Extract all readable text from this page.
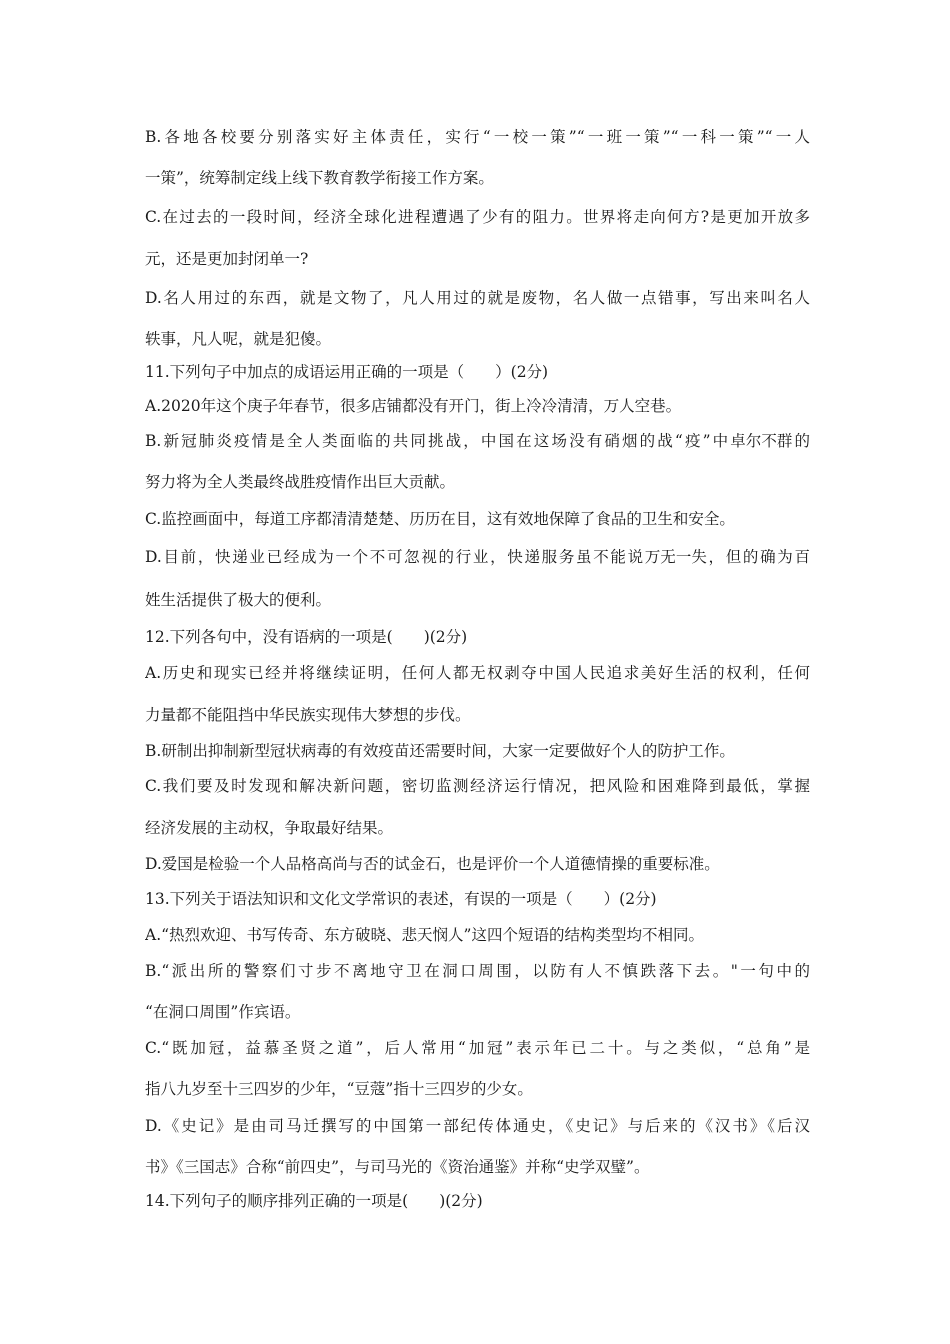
B.各地各校要分别落实好主体责任，实行“一校一策”“一班一策”“一科一策”“一人
一策”，统筹制定线上线下教育教学衔接工作方案。
C.在过去的一段时间，经济全球化进程遭遇了少有的阻力。世界将走向何方?是更加开放多
元，还是更加封闭单一?
D.名人用过的东西，就是文物了，凡人用过的就是废物，名人做一点错事，写出来叫名人
轶事，凡人呢，就是犯傻。
11.下列句子中加点的成语运用正确的一项是（　　）(2分)
A.2020年这个庚子年春节，很多店铺都没有开门，街上冷冷清清，万人空巷。
B.新冠肺炎疫情是全人类面临的共同挑战，中国在这场没有硝烟的战“疫”中卓尔不群的
努力将为全人类最终战胜疫情作出巨大贡献。
C.监控画面中，每道工序都清清楚楚、历历在目，这有效地保障了食品的卫生和安全。
D.目前，快递业已经成为一个不可忽视的行业，快递服务虽不能说万无一失，但的确为百
姓生活提供了极大的便利。
12.下列各句中，没有语病的一项是(　　)(2分)
A.历史和现实已经并将继续证明，任何人都无权剥夺中国人民追求美好生活的权利，任何
力量都不能阻挡中华民族实现伟大梦想的步伐。
B.研制出抑制新型冠状病毒的有效疫苗还需要时间，大家一定要做好个人的防护工作。
C.我们要及时发现和解决新问题，密切监测经济运行情况，把风险和困难降到最低，掌握
经济发展的主动权，争取最好结果。
D.爱国是检验一个人品格高尚与否的试金石，也是评价一个人道德情操的重要标准。
13.下列关于语法知识和文化文学常识的表述，有误的一项是（　　）(2分)
A.“热烈欢迎、书写传奇、东方破晓、悲天悯人”这四个短语的结构类型均不相同。
B.“派出所的警察们寸步不离地守卫在洞口周围，以防有人不慎跌落下去。"一句中的
“在洞口周围”作宾语。
C.“既加冠，益慕圣贤之道”，后人常用“加冠”表示年已二十。与之类似，“总角”是
指八九岁至十三四岁的少年，“豆蔻”指十三四岁的少女。
D.《史记》是由司马迁撰写的中国第一部纪传体通史，《史记》与后来的《汉书》《后汉
书》《三国志》合称“前四史”，与司马光的《资治通鉴》并称“史学双璧”。
14.下列句子的顺序排列正确的一项是(　　)(2分)
